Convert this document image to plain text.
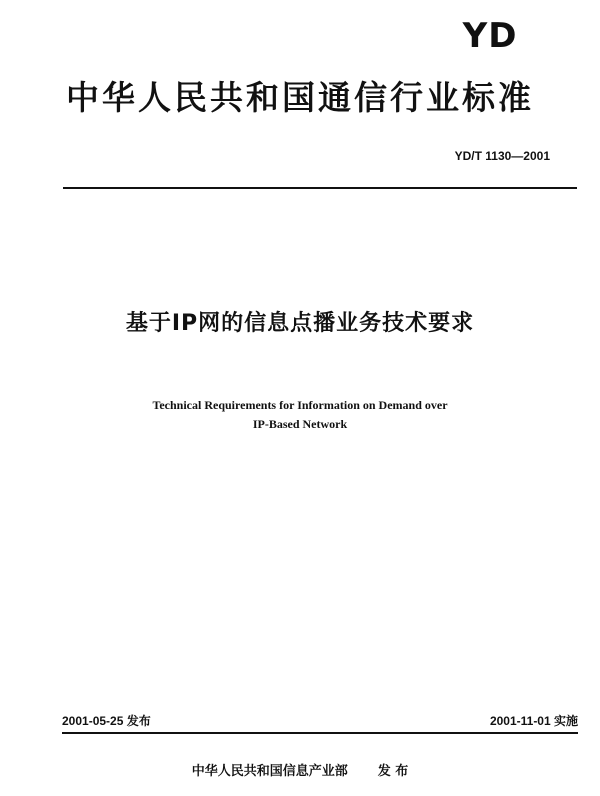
YD
中华人民共和国通信行业标准
YD/T 1130—2001
基于IP网的信息点播业务技术要求
Technical Requirements for Information on Demand over
IP-Based Network
2001-05-25 发布	2001-11-01 实施
中华人民共和国信息产业部 发 布
